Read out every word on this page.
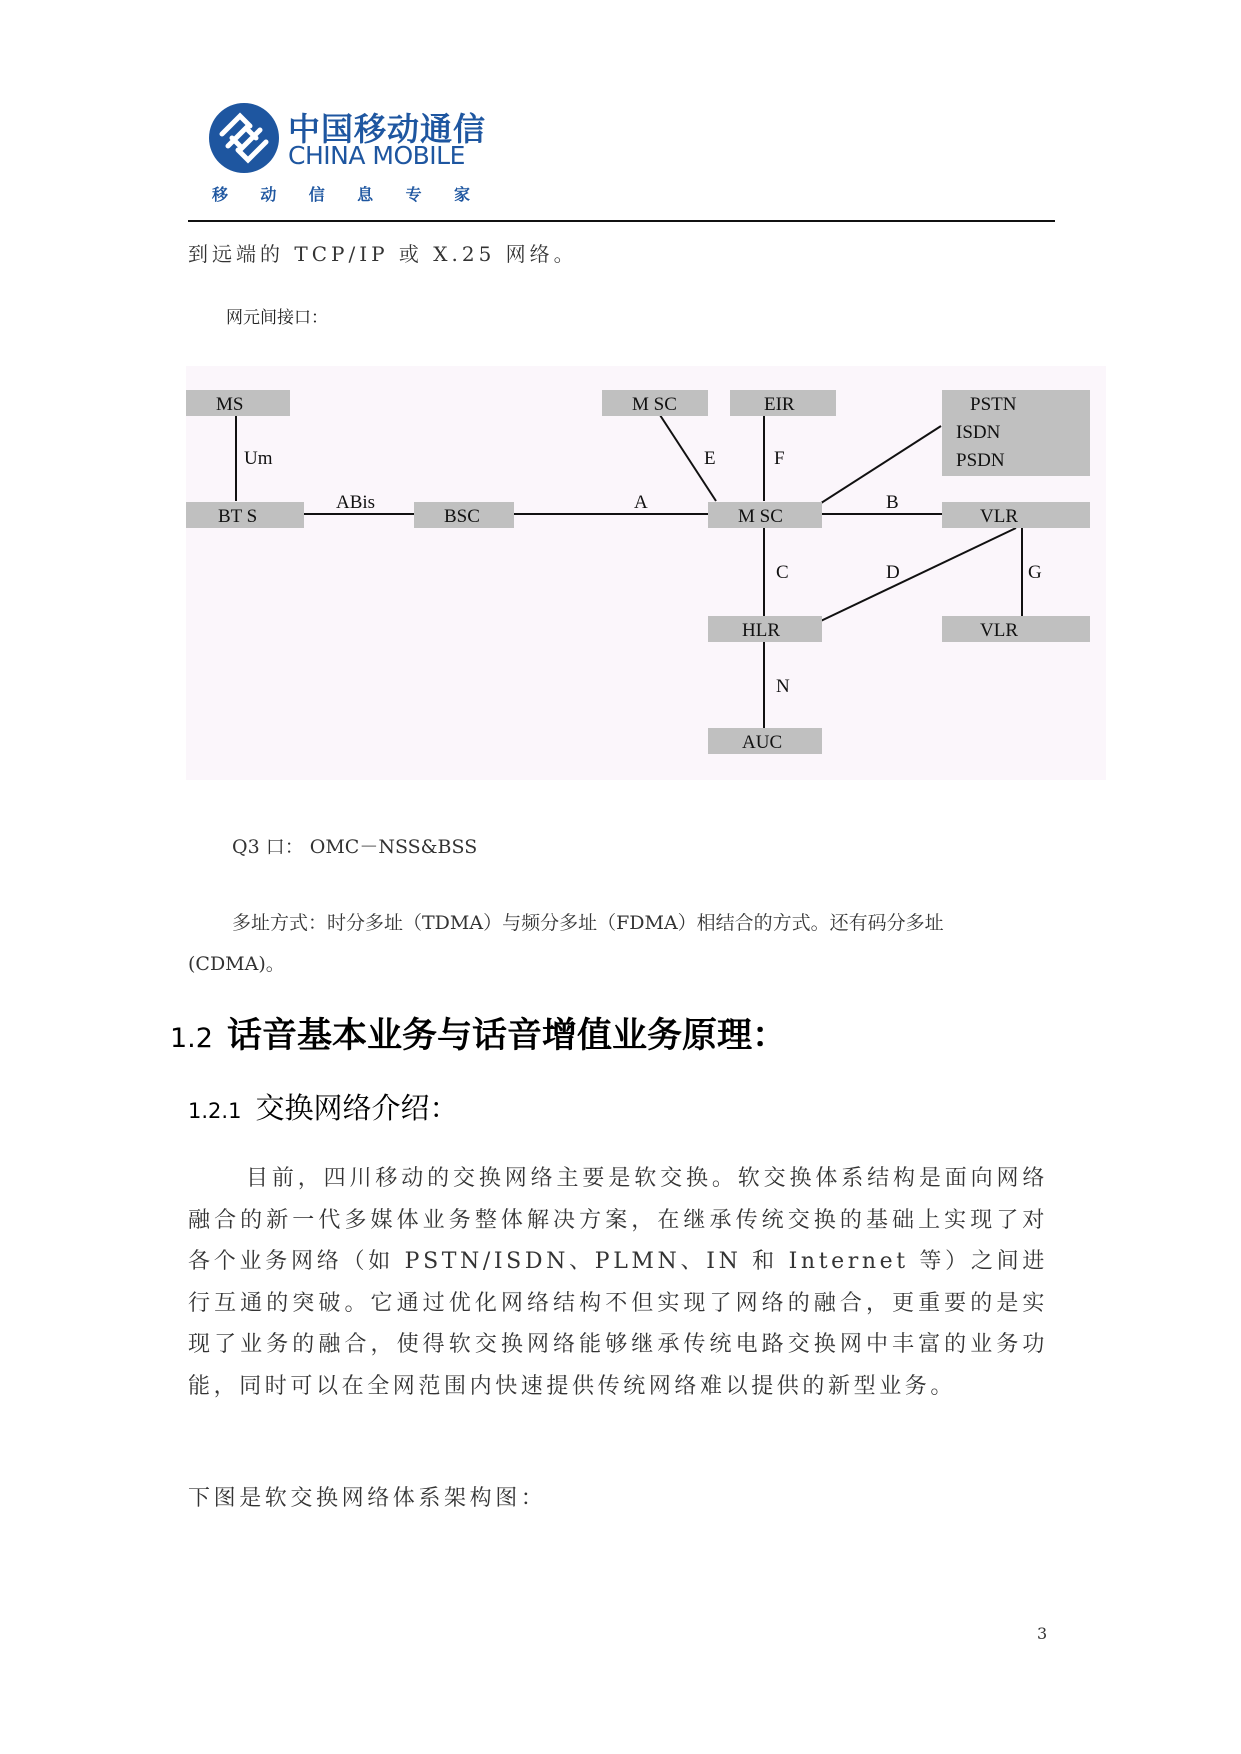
中国移动通信
CHINA MOBILE
移 动 信 息 专 家
到远端的 TCP/IP 或 X.25 网络。
网元间接口：
MS
BT S	BSC
M SC	EIR	PSTN
ISDN
PSDN
M SC	VLR
HLR	VLR
AUC
Um
ABis	A
E	F
B
C	D	G
N
Q3 口： OMC－NSS&BSS
多址方式：时分多址（TDMA）与频分多址（FDMA）相结合的方式。还有码分多址(CDMA)。
1.2 话音基本业务与话音增值业务原理：
1.2.1 交换网络介绍：
目前，四川移动的交换网络主要是软交换。软交换体系结构是面向网络融合的新一代多媒体业务整体解决方案，在继承传统交换的基础上实现了对各个业务网络（如 PSTN/ISDN、PLMN、IN 和 Internet 等）之间进行互通的突破。它通过优化网络结构不但实现了网络的融合，更重要的是实现了业务的融合，使得软交换网络能够继承传统电路交换网中丰富的业务功能，同时可以在全网范围内快速提供传统网络难以提供的新型业务。
下图是软交换网络体系架构图：
3
